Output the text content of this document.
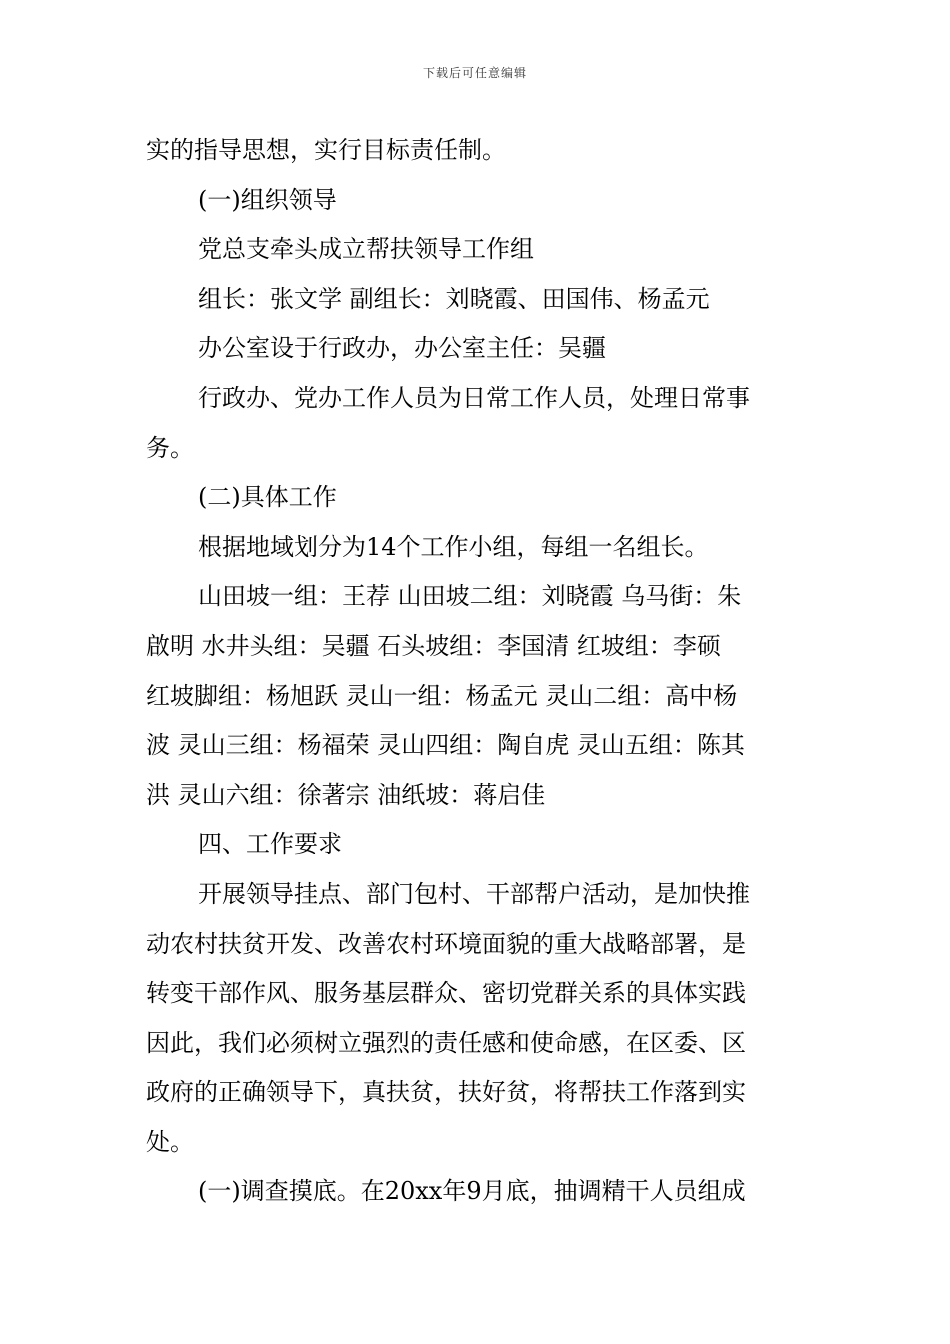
下载后可任意编辑
实的指导思想，实行目标责任制。
(一)组织领导
党总支牵头成立帮扶领导工作组
组长：张文学 副组长：刘晓霞、田国伟、杨孟元
办公室设于行政办，办公室主任：吴疆
行政办、党办工作人员为日常工作人员，处理日常事
务。
(二)具体工作
根据地域划分为14个工作小组，每组一名组长。
山田坡一组：王荐 山田坡二组：刘晓霞 乌马街：朱
啟明 水井头组：吴疆 石头坡组：李国清 红坡组：李硕
红坡脚组：杨旭跃 灵山一组：杨孟元 灵山二组：高中杨
波 灵山三组：杨福荣 灵山四组：陶自虎 灵山五组：陈其
洪 灵山六组：徐著宗 油纸坡：蒋启佳
四、工作要求
开展领导挂点、部门包村、干部帮户活动，是加快推
动农村扶贫开发、改善农村环境面貌的重大战略部署，是
转变干部作风、服务基层群众、密切党群关系的具体实践
因此，我们必须树立强烈的责任感和使命感，在区委、区
政府的正确领导下，真扶贫，扶好贫，将帮扶工作落到实
处。
(一)调查摸底。在20xx年9月底，抽调精干人员组成
